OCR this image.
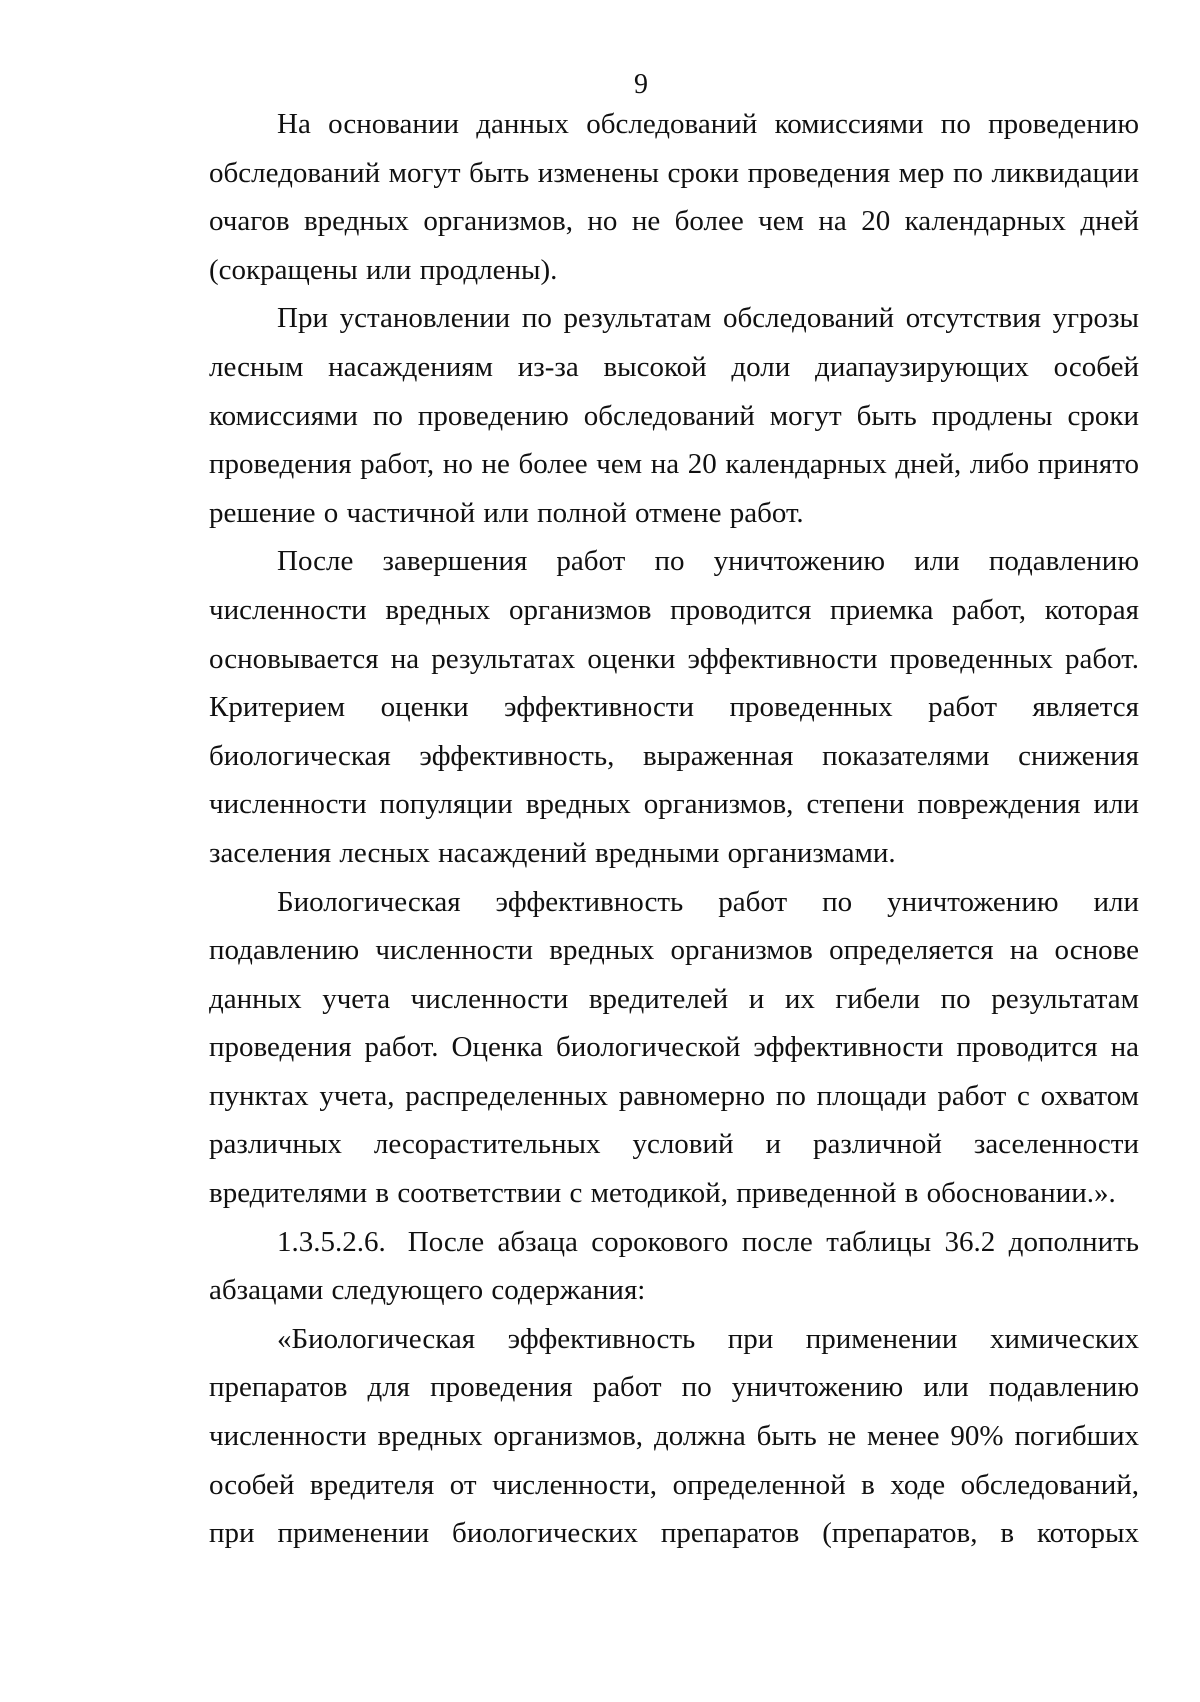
9

На основании данных обследований комиссиями по проведению обследований могут быть изменены сроки проведения мер по ликвидации очагов вредных организмов, но не более чем на 20 календарных дней (сокращены или продлены).

При установлении по результатам обследований отсутствия угрозы лесным насаждениям из-за высокой доли диапаузирующих особей комиссиями по проведению обследований могут быть продлены сроки проведения работ, но не более чем на 20 календарных дней, либо принято решение о частичной или полной отмене работ.

После завершения работ по уничтожению или подавлению численности вредных организмов проводится приемка работ, которая основывается на результатах оценки эффективности проведенных работ. Критерием оценки эффективности проведенных работ является биологическая эффективность, выраженная показателями снижения численности популяции вредных организмов, степени повреждения или заселения лесных насаждений вредными организмами.

Биологическая эффективность работ по уничтожению или подавлению численности вредных организмов определяется на основе данных учета численности вредителей и их гибели по результатам проведения работ. Оценка биологической эффективности проводится на пунктах учета, распределенных равномерно по площади работ с охватом различных лесорастительных условий и различной заселенности вредителями в соответствии с методикой, приведенной в обосновании.».

1.3.5.2.6. После абзаца сорокового после таблицы 36.2 дополнить абзацами следующего содержания:

«Биологическая эффективность при применении химических препаратов для проведения работ по уничтожению или подавлению численности вредных организмов, должна быть не менее 90% погибших особей вредителя от численности, определенной в ходе обследований, при применении биологических препаратов (препаратов, в которых
